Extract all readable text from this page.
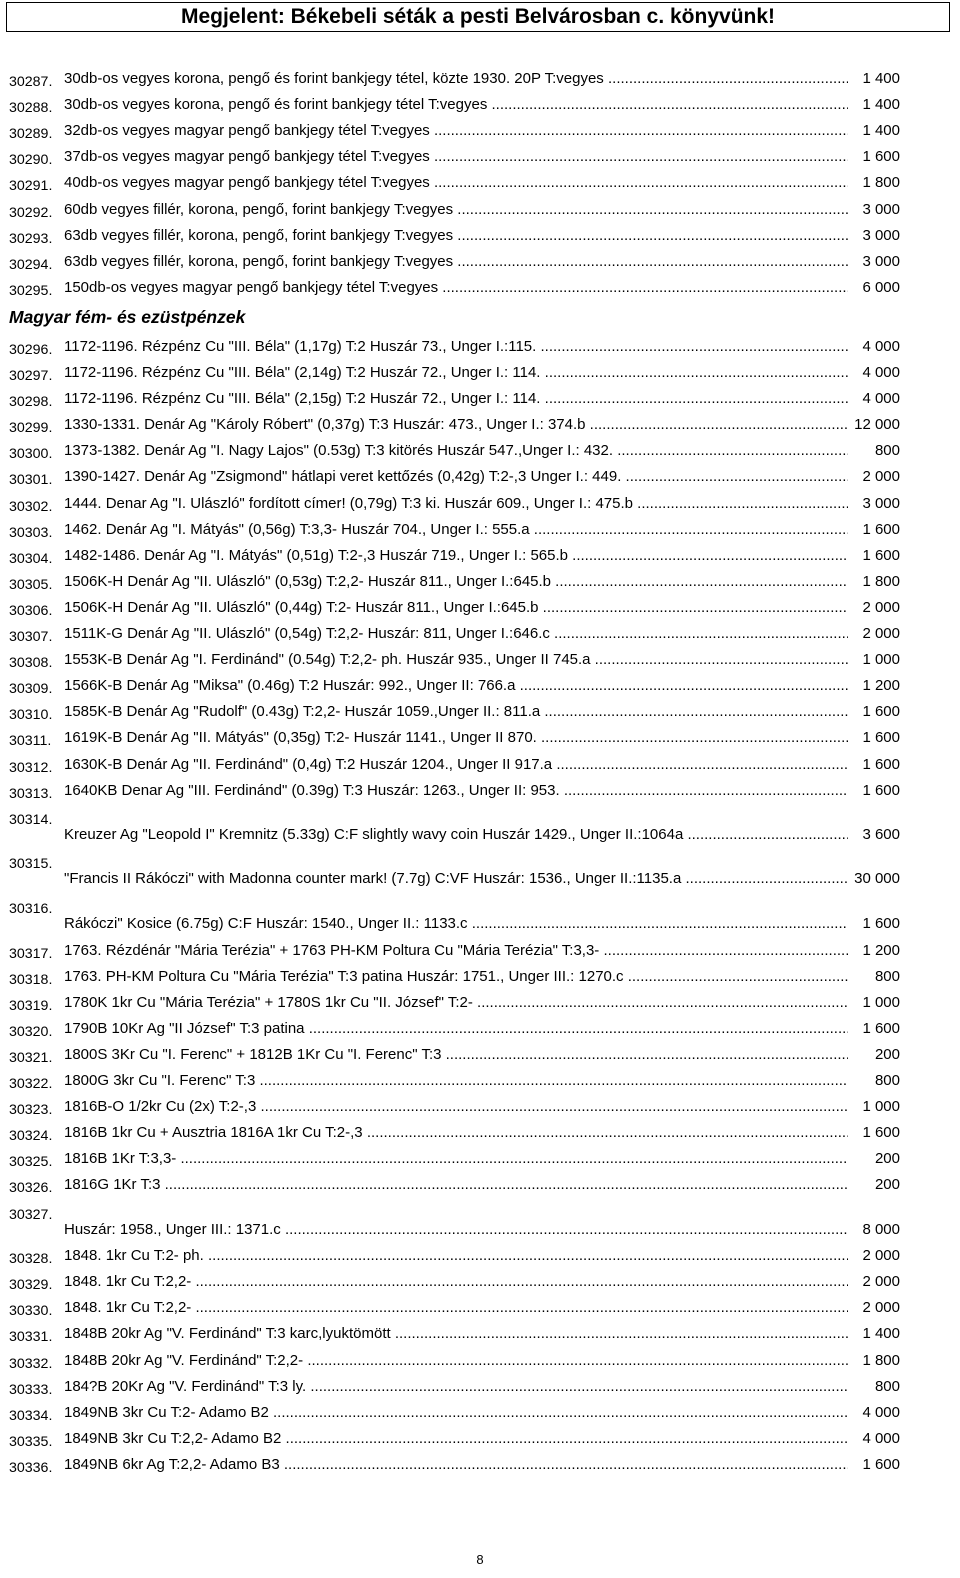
Megjelent: Békebeli séták a pesti Belvárosban c. könyvünk!
30287. 30db-os vegyes korona, pengő és forint bankjegy tétel, közte 1930. 20P T:vegyes .....	1 400
30288. 30db-os vegyes korona, pengő és forint bankjegy tétel T:vegyes .....	1 400
30289. 32db-os vegyes magyar pengő bankjegy tétel T:vegyes .....	1 400
30290. 37db-os vegyes magyar pengő bankjegy tétel T:vegyes .....	1 600
30291. 40db-os vegyes magyar pengő bankjegy tétel T:vegyes .....	1 800
30292. 60db vegyes fillér, korona, pengő, forint bankjegy T:vegyes .....	3 000
30293. 63db vegyes fillér, korona, pengő, forint bankjegy T:vegyes .....	3 000
30294. 63db vegyes fillér, korona, pengő, forint bankjegy T:vegyes .....	3 000
30295. 150db-os vegyes magyar pengő bankjegy tétel T:vegyes .....	6 000
Magyar fém- és ezüstpénzek
30296. 1172-1196. Rézpénz Cu "III. Béla" (1,17g) T:2 Huszár 73., Unger I.:115. .....	4 000
30297. 1172-1196. Rézpénz Cu "III. Béla" (2,14g) T:2 Huszár 72., Unger I.: 114. .....	4 000
30298. 1172-1196. Rézpénz Cu "III. Béla" (2,15g) T:2 Huszár 72., Unger I.: 114. .....	4 000
30299. 1330-1331. Denár Ag "Károly Róbert" (0,37g) T:3 Huszár: 473., Unger I.: 374.b .....	12 000
30300. 1373-1382. Denár Ag "I. Nagy Lajos" (0.53g) T:3 kitörés Huszár 547.,Unger I.: 432. .....	800
30301. 1390-1427. Denár Ag "Zsigmond" hátlapi veret kettőzés (0,42g) T:2-,3 Unger I.: 449. .....	2 000
30302. 1444. Denar Ag "I. Ulászló" fordított címer! (0,79g) T:3 ki. Huszár 609., Unger I.: 475.b .....	3 000
30303. 1462. Denár Ag "I. Mátyás" (0,56g) T:3,3- Huszár 704., Unger I.: 555.a .....	1 600
30304. 1482-1486. Denár Ag "I. Mátyás" (0,51g) T:2-,3 Huszár 719., Unger I.: 565.b .....	1 600
30305. 1506K-H Denár Ag "II. Ulászló" (0,53g) T:2,2- Huszár 811., Unger I.:645.b .....	1 800
30306. 1506K-H Denár Ag "II. Ulászló" (0,44g) T:2- Huszár 811., Unger I.:645.b .....	2 000
30307. 1511K-G Denár Ag "II. Ulászló" (0,54g) T:2,2- Huszár: 811, Unger I.:646.c .....	2 000
30308. 1553K-B Denár Ag "I. Ferdinánd" (0.54g) T:2,2- ph. Huszár 935., Unger II 745.a .....	1 000
30309. 1566K-B Denár Ag "Miksa" (0.46g) T:2 Huszár: 992., Unger II: 766.a .....	1 200
30310. 1585K-B Denár Ag "Rudolf" (0.43g) T:2,2- Huszár 1059.,Unger II.: 811.a .....	1 600
30311. 1619K-B Denár Ag "II. Mátyás" (0,35g) T:2- Huszár 1141., Unger II 870. .....	1 600
30312. 1630K-B Denár Ag "II. Ferdinánd" (0,4g) T:2 Huszár 1204., Unger II 917.a .....	1 600
30313. 1640KB Denar Ag "III. Ferdinánd" (0.39g) T:3 Huszár: 1263., Unger II: 953. .....	1 600
30314.
Kreuzer Ag "Leopold I" Kremnitz (5.33g) C:F slightly wavy coin Huszár 1429., Unger II.:1064a .....	3 600
30315.
"Francis II Rákóczi" with Madonna counter mark! (7.7g) C:VF Huszár: 1536., Unger II.:1135.a .....	30 000
30316.
Rákóczi" Kosice (6.75g) C:F Huszár: 1540., Unger II.: 1133.c .....	1 600
30317. 1763. Rézdénár "Mária Terézia" + 1763 PH-KM Poltura Cu "Mária Terézia" T:3,3- .....	1 200
30318. 1763. PH-KM Poltura Cu "Mária Terézia" T:3 patina Huszár: 1751., Unger III.: 1270.c .....	800
30319. 1780K 1kr Cu "Mária Terézia" + 1780S 1kr Cu "II. József" T:2- .....	1 000
30320. 1790B 10Kr Ag "II József" T:3 patina .....	1 600
30321. 1800S 3Kr Cu "I. Ferenc" + 1812B 1Kr Cu "I. Ferenc" T:3 .....	200
30322. 1800G 3kr Cu "I. Ferenc" T:3 .....	800
30323. 1816B-O 1/2kr Cu (2x) T:2-,3 .....	1 000
30324. 1816B 1kr Cu + Ausztria 1816A 1kr Cu T:2-,3 .....	1 600
30325. 1816B 1Kr T:3,3- .....	200
30326. 1816G 1Kr T:3 .....	200
30327.
Huszár: 1958., Unger III.: 1371.c .....	8 000
30328. 1848. 1kr Cu T:2- ph. .....	2 000
30329. 1848. 1kr Cu T:2,2- .....	2 000
30330. 1848. 1kr Cu T:2,2- .....	2 000
30331. 1848B 20kr Ag "V. Ferdinánd" T:3 karc,lyuktömött .....	1 400
30332. 1848B 20kr Ag "V. Ferdinánd" T:2,2- .....	1 800
30333. 184?B 20Kr Ag "V. Ferdinánd" T:3 ly. .....	800
30334. 1849NB 3kr Cu T:2- Adamo B2 .....	4 000
30335. 1849NB 3kr Cu T:2,2- Adamo B2 .....	4 000
30336. 1849NB 6kr Ag T:2,2- Adamo B3 .....	1 600
8
